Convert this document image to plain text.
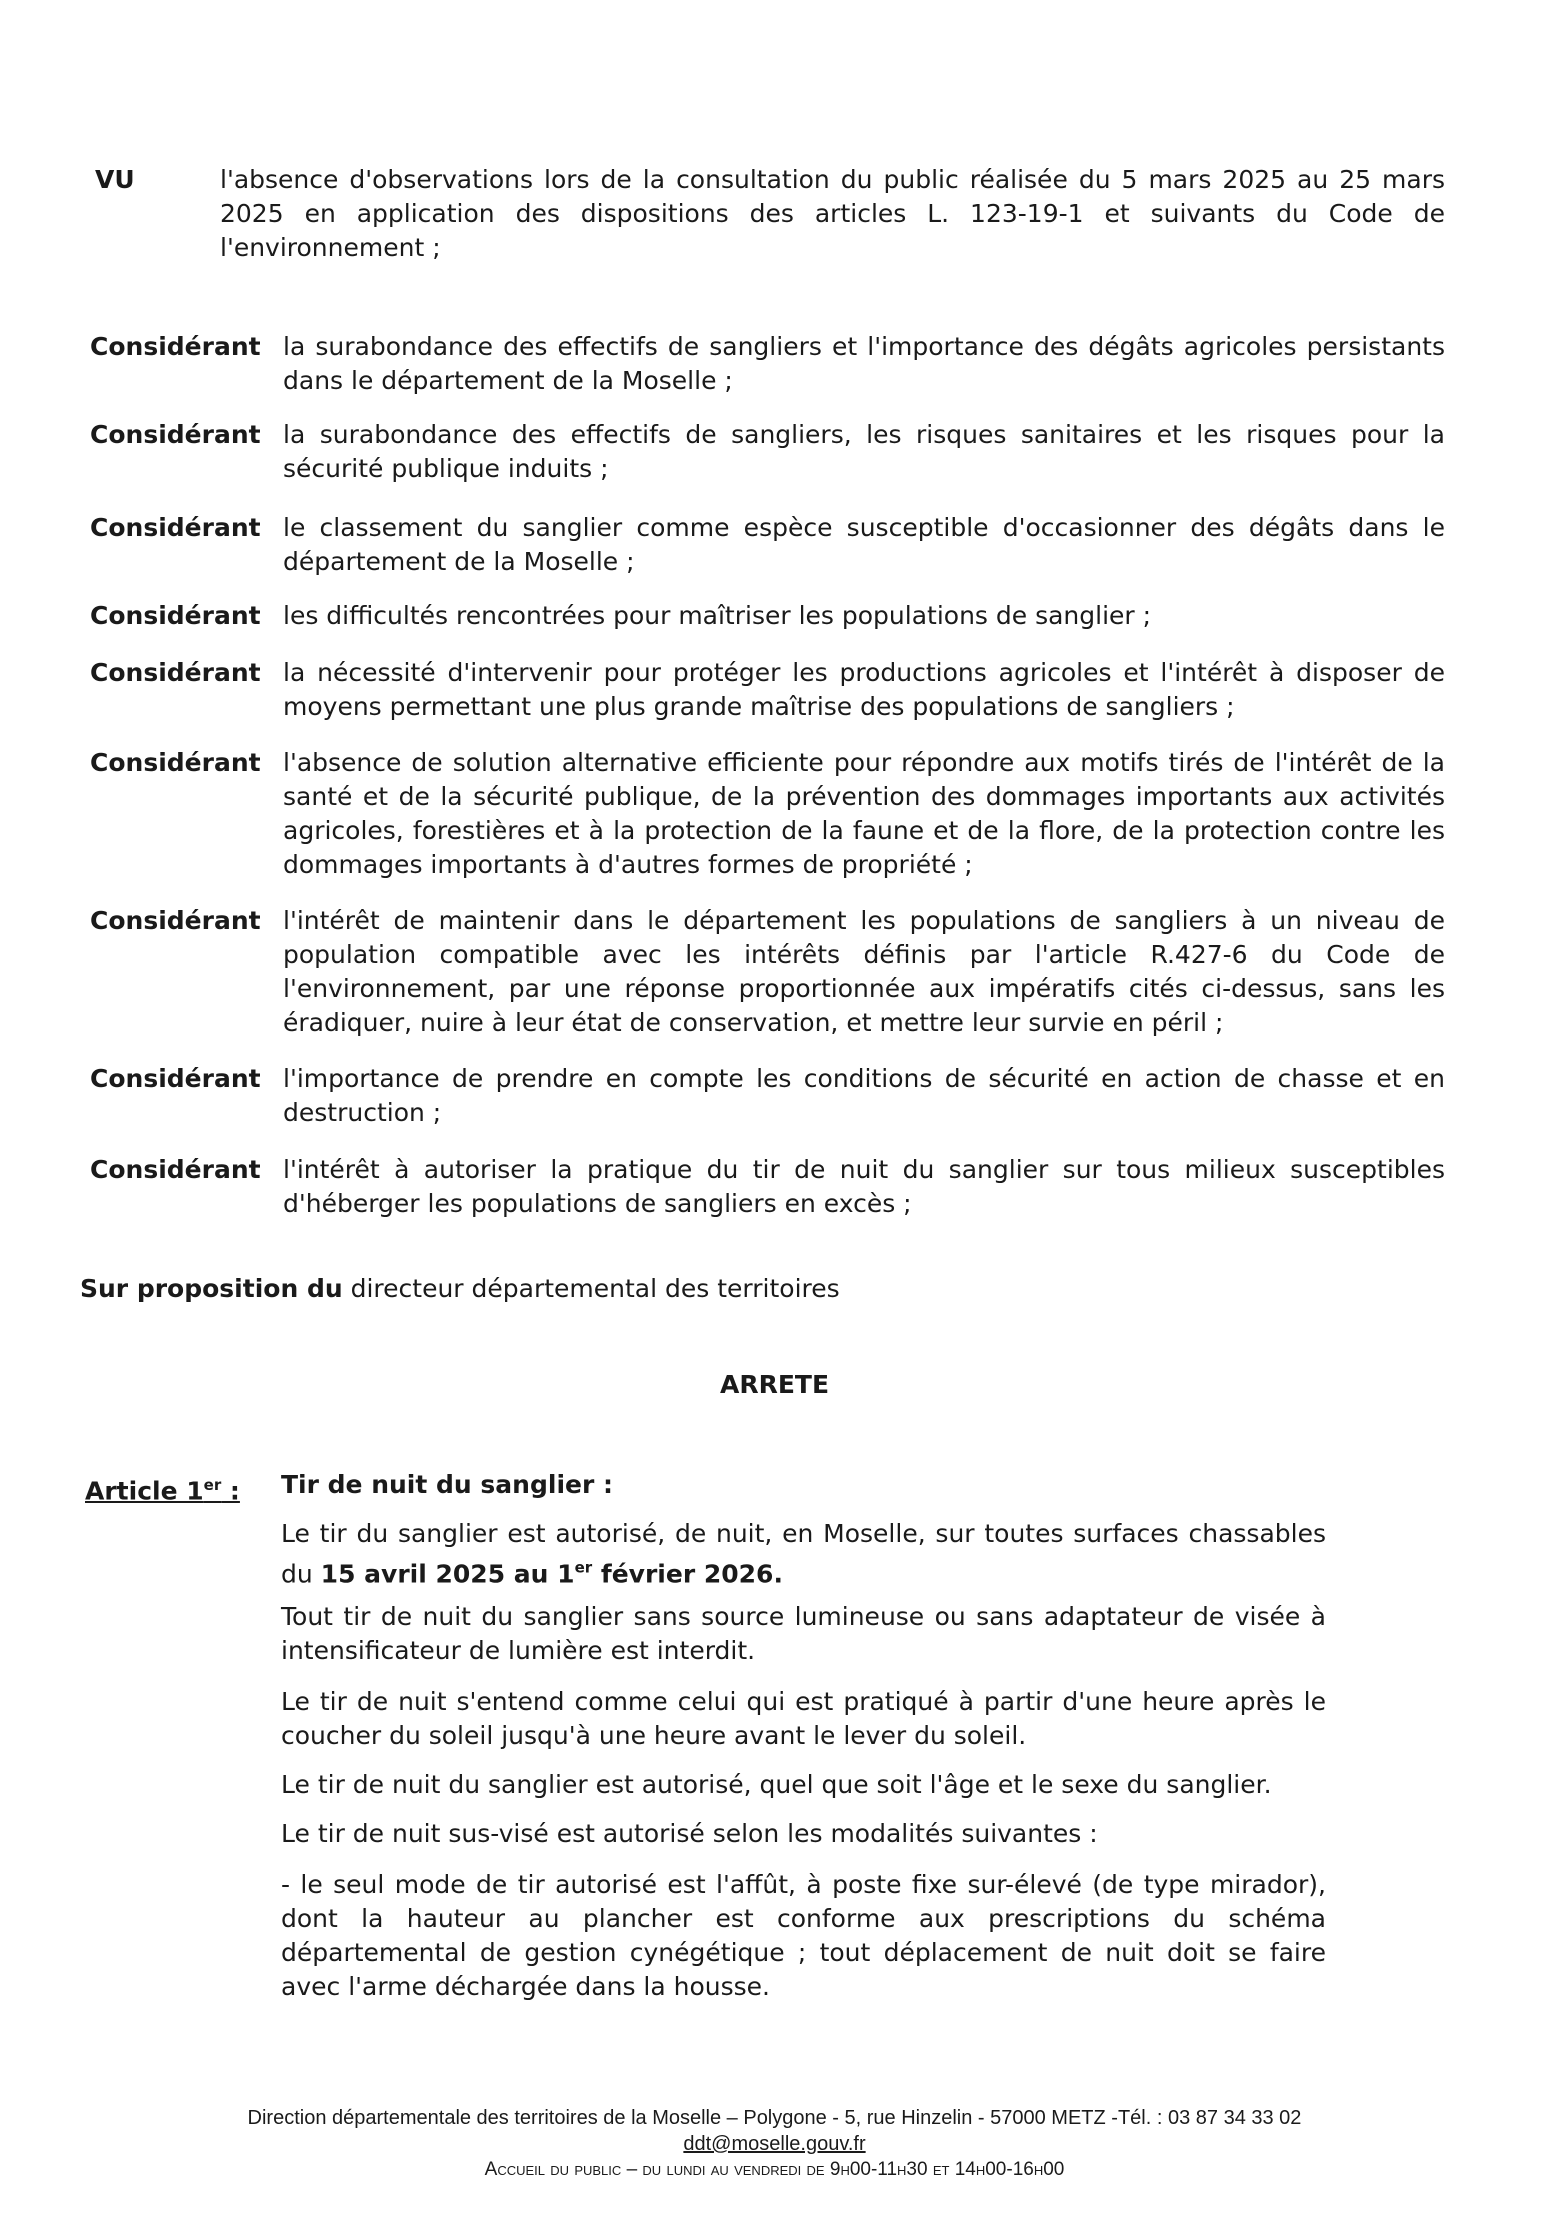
VU	l'absence d'observations lors de la consultation du public réalisée du 5 mars 2025 au 25 mars 2025 en application des dispositions des articles L. 123-19-1 et suivants du Code de l'environnement ;
Considérant la surabondance des effectifs de sangliers et l'importance des dégâts agricoles persistants dans le département de la Moselle ;
Considérant la surabondance des effectifs de sangliers, les risques sanitaires et les risques pour la sécurité publique induits ;
Considérant le classement du sanglier comme espèce susceptible d'occasionner des dégâts dans le département de la Moselle ;
Considérant les difficultés rencontrées pour maîtriser les populations de sanglier ;
Considérant la nécessité d'intervenir pour protéger les productions agricoles et l'intérêt à disposer de moyens permettant une plus grande maîtrise des populations de sangliers ;
Considérant l'absence de solution alternative efficiente pour répondre aux motifs tirés de l'intérêt de la santé et de la sécurité publique, de la prévention des dommages importants aux activités agricoles, forestières et à la protection de la faune et de la flore, de la protection contre les dommages importants à d'autres formes de propriété ;
Considérant l'intérêt de maintenir dans le département les populations de sangliers à un niveau de population compatible avec les intérêts définis par l'article R.427-6 du Code de l'environnement, par une réponse proportionnée aux impératifs cités ci-dessus, sans les éradiquer, nuire à leur état de conservation, et mettre leur survie en péril ;
Considérant l'importance de prendre en compte les conditions de sécurité en action de chasse et en destruction ;
Considérant l'intérêt à autoriser la pratique du tir de nuit du sanglier sur tous milieux susceptibles d'héberger les populations de sangliers en excès ;
Sur proposition du directeur départemental des territoires
ARRETE
Article 1er : Tir de nuit du sanglier :
Le tir du sanglier est autorisé, de nuit, en Moselle, sur toutes surfaces chassables du 15 avril 2025 au 1er février 2026.
Tout tir de nuit du sanglier sans source lumineuse ou sans adaptateur de visée à intensificateur de lumière est interdit.
Le tir de nuit s'entend comme celui qui est pratiqué à partir d'une heure après le coucher du soleil jusqu'à une heure avant le lever du soleil.
Le tir de nuit du sanglier est autorisé, quel que soit l'âge et le sexe du sanglier.
Le tir de nuit sus-visé est autorisé selon les modalités suivantes :
- le seul mode de tir autorisé est l'affût, à poste fixe sur-élevé (de type mirador), dont la hauteur au plancher est conforme aux prescriptions du schéma départemental de gestion cynégétique ; tout déplacement de nuit doit se faire avec l'arme déchargée dans la housse.
Direction départementale des territoires de la Moselle – Polygone - 5, rue Hinzelin - 57000 METZ -Tél. : 03 87 34 33 02
ddt@moselle.gouv.fr
Accueil du public – du lundi au vendredi de 9h00-11h30 et 14h00-16h00
